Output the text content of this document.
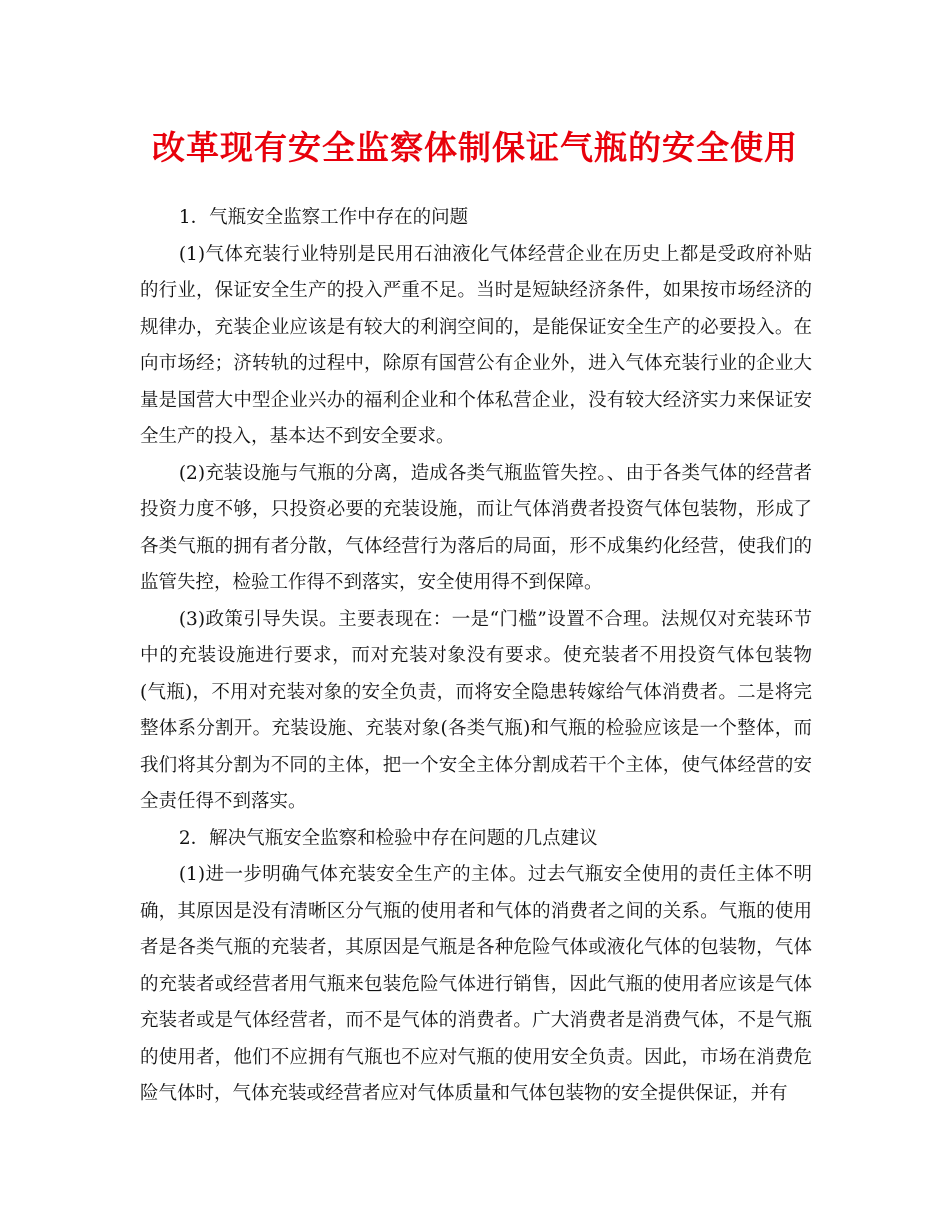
改革现有安全监察体制保证气瓶的安全使用

1．气瓶安全监察工作中存在的问题

(1)气体充装行业特别是民用石油液化气体经营企业在历史上都是受政府补贴的行业，保证安全生产的投入严重不足。当时是短缺经济条件，如果按市场经济的规律办，充装企业应该是有较大的利润空间的，是能保证安全生产的必要投入。在向市场经；济转轨的过程中，除原有国营公有企业外，进入气体充装行业的企业大量是国营大中型企业兴办的福利企业和个体私营企业，没有较大经济实力来保证安全生产的投入，基本达不到安全要求。

(2)充装设施与气瓶的分离，造成各类气瓶监管失控。、由于各类气体的经营者投资力度不够，只投资必要的充装设施，而让气体消费者投资气体包装物，形成了各类气瓶的拥有者分散，气体经营行为落后的局面，形不成集约化经营，使我们的监管失控，检验工作得不到落实，安全使用得不到保障。

(3)政策引导失误。主要表现在：一是“门槛”设置不合理。法规仅对充装环节中的充装设施进行要求，而对充装对象没有要求。使充装者不用投资气体包装物(气瓶)，不用对充装对象的安全负责，而将安全隐患转嫁给气体消费者。二是将完整体系分割开。充装设施、充装对象(各类气瓶)和气瓶的检验应该是一个整体，而我们将其分割为不同的主体，把一个安全主体分割成若干个主体，使气体经营的安全责任得不到落实。

2．解决气瓶安全监察和检验中存在问题的几点建议

(1)进一步明确气体充装安全生产的主体。过去气瓶安全使用的责任主体不明确，其原因是没有清晰区分气瓶的使用者和气体的消费者之间的关系。气瓶的使用者是各类气瓶的充装者，其原因是气瓶是各种危险气体或液化气体的包装物，气体的充装者或经营者用气瓶来包装危险气体进行销售，因此气瓶的使用者应该是气体充装者或是气体经营者，而不是气体的消费者。广大消费者是消费气体，不是气瓶的使用者，他们不应拥有气瓶也不应对气瓶的使用安全负责。因此，市场在消费危险气体时，气体充装或经营者应对气体质量和气体包装物的安全提供保证，并有
